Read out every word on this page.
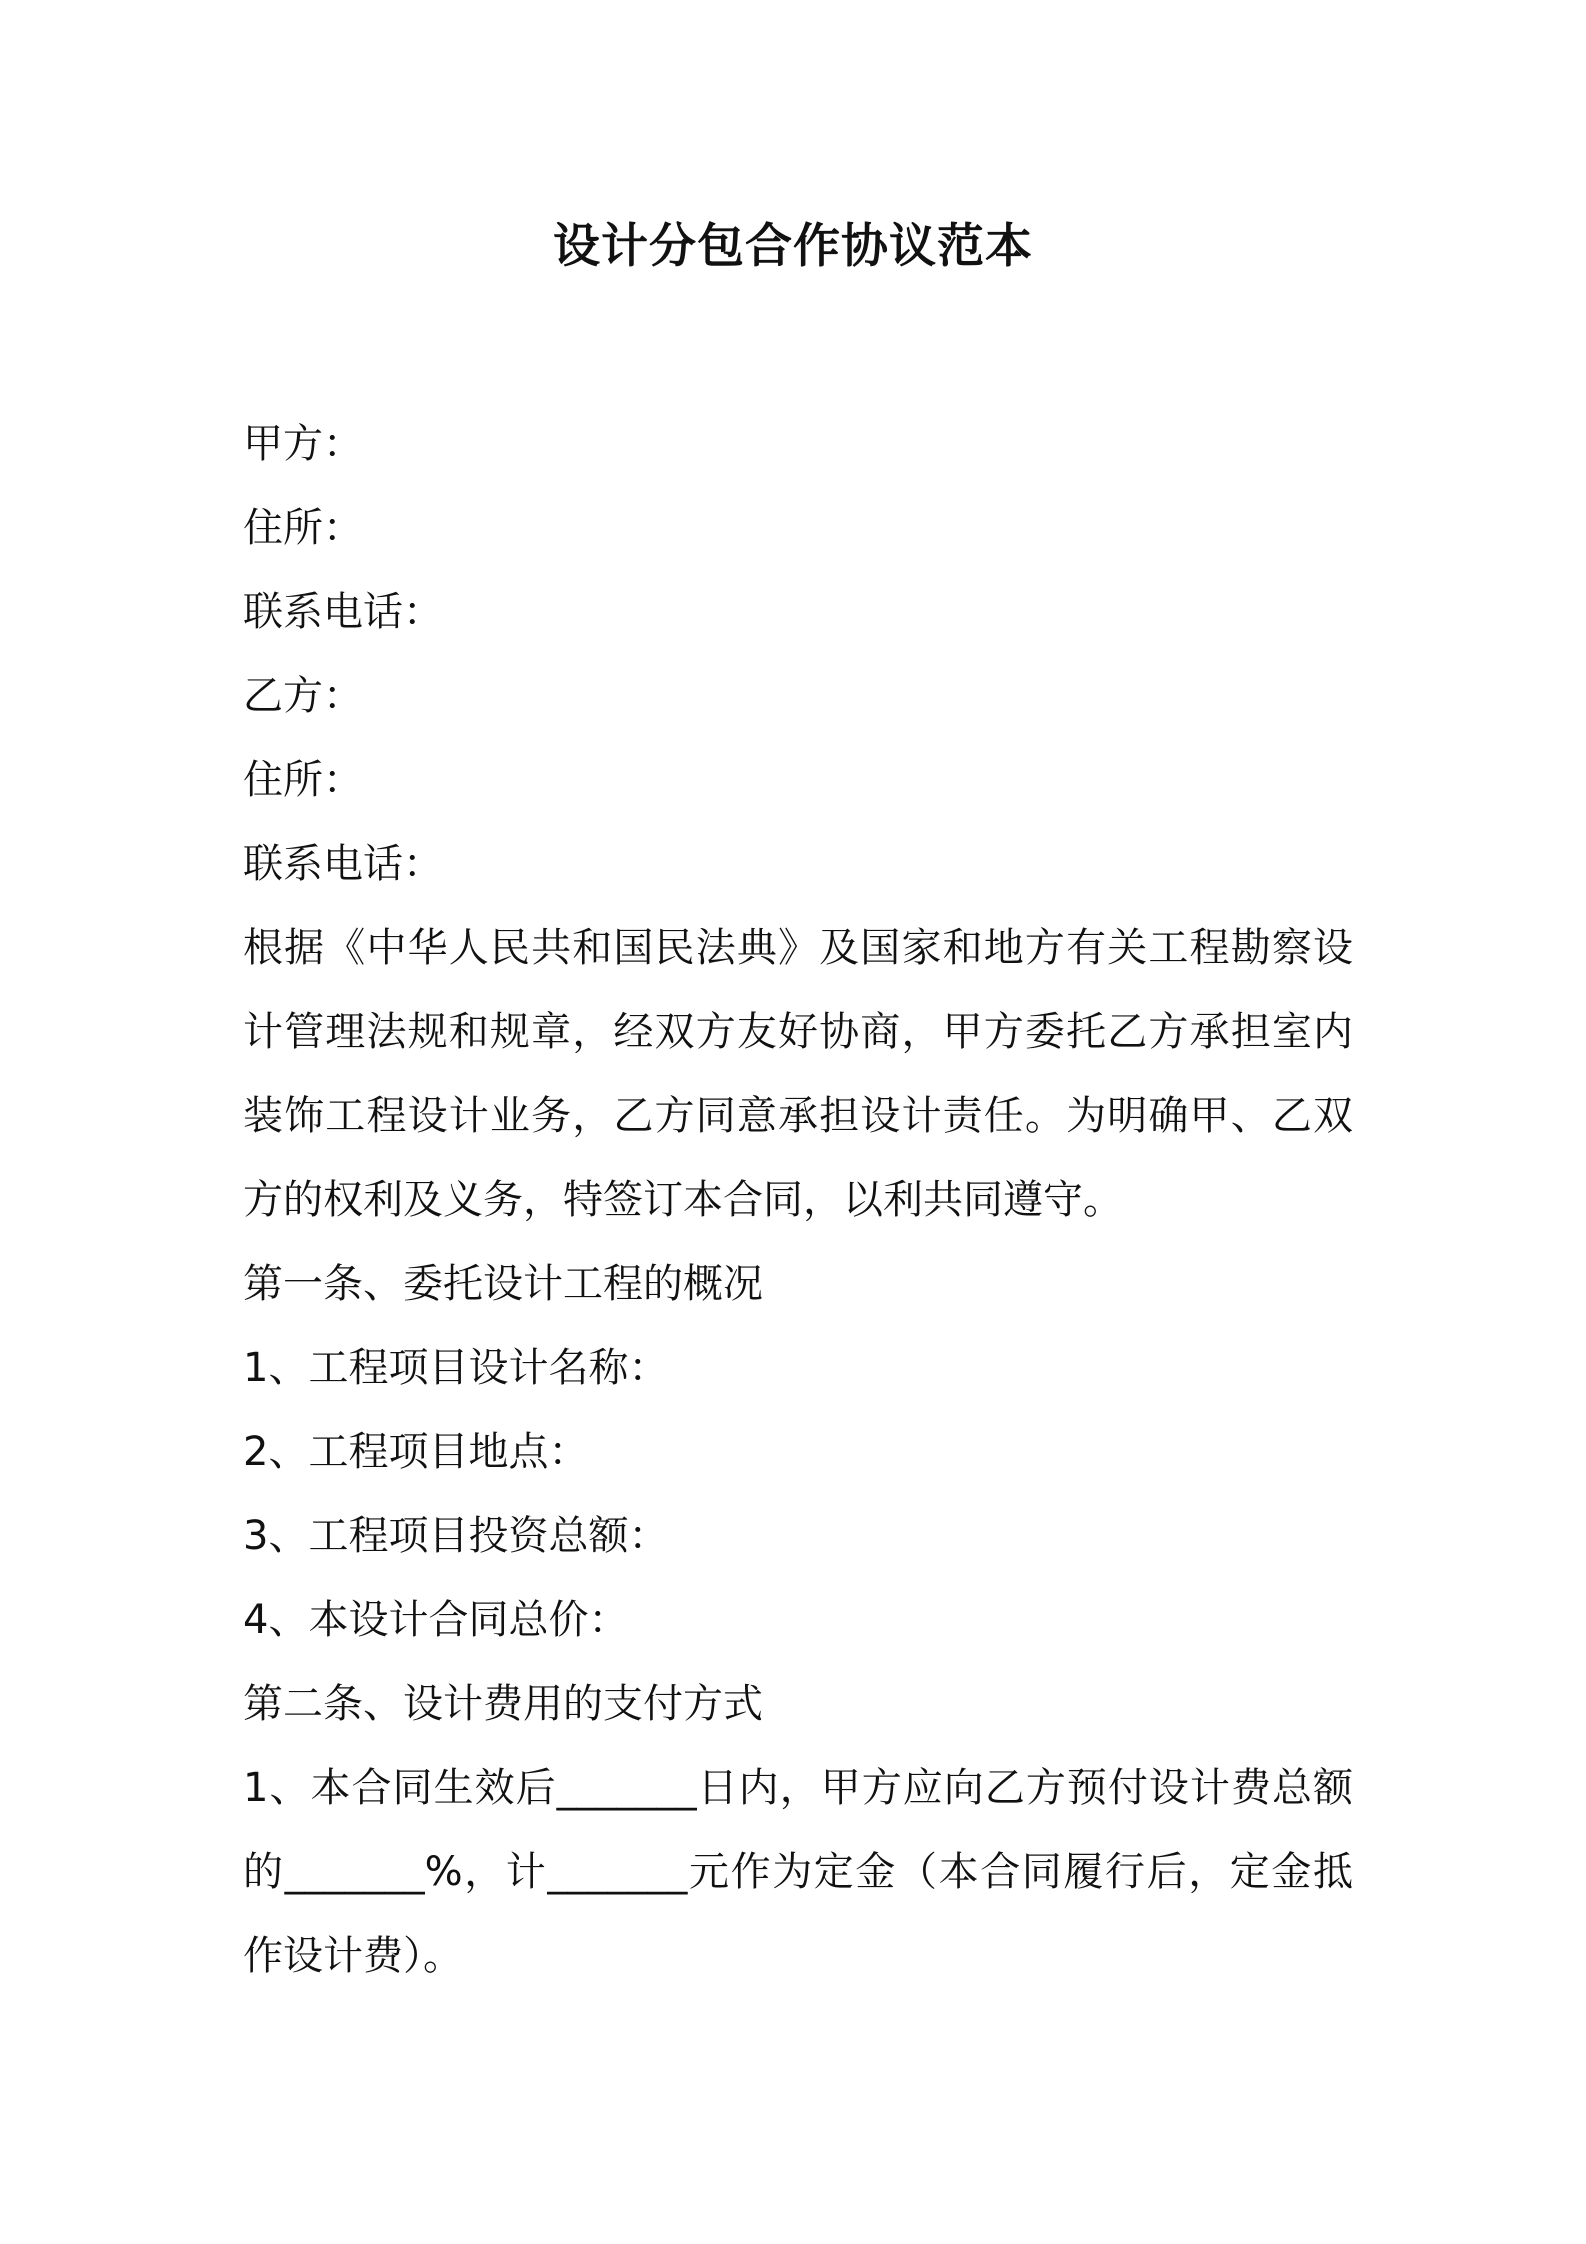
设计分包合作协议范本
甲方：
住所：
联系电话：
乙方：
住所：
联系电话：

根据《中华人民共和国民法典》及国家和地方有关工程勘察设计管理法规和规章，经双方友好协商，甲方委托乙方承担室内装饰工程设计业务，乙方同意承担设计责任。为明确甲、乙双方的权利及义务，特签订本合同，以利共同遵守。

第一条、委托设计工程的概况
1、工程项目设计名称：
2、工程项目地点：
3、工程项目投资总额：
4、本设计合同总价：
第二条、设计费用的支付方式

1、本合同生效后_______日内，甲方应向乙方预付设计费总额的_______%，计_______元作为定金（本合同履行后，定金抵作设计费）。
